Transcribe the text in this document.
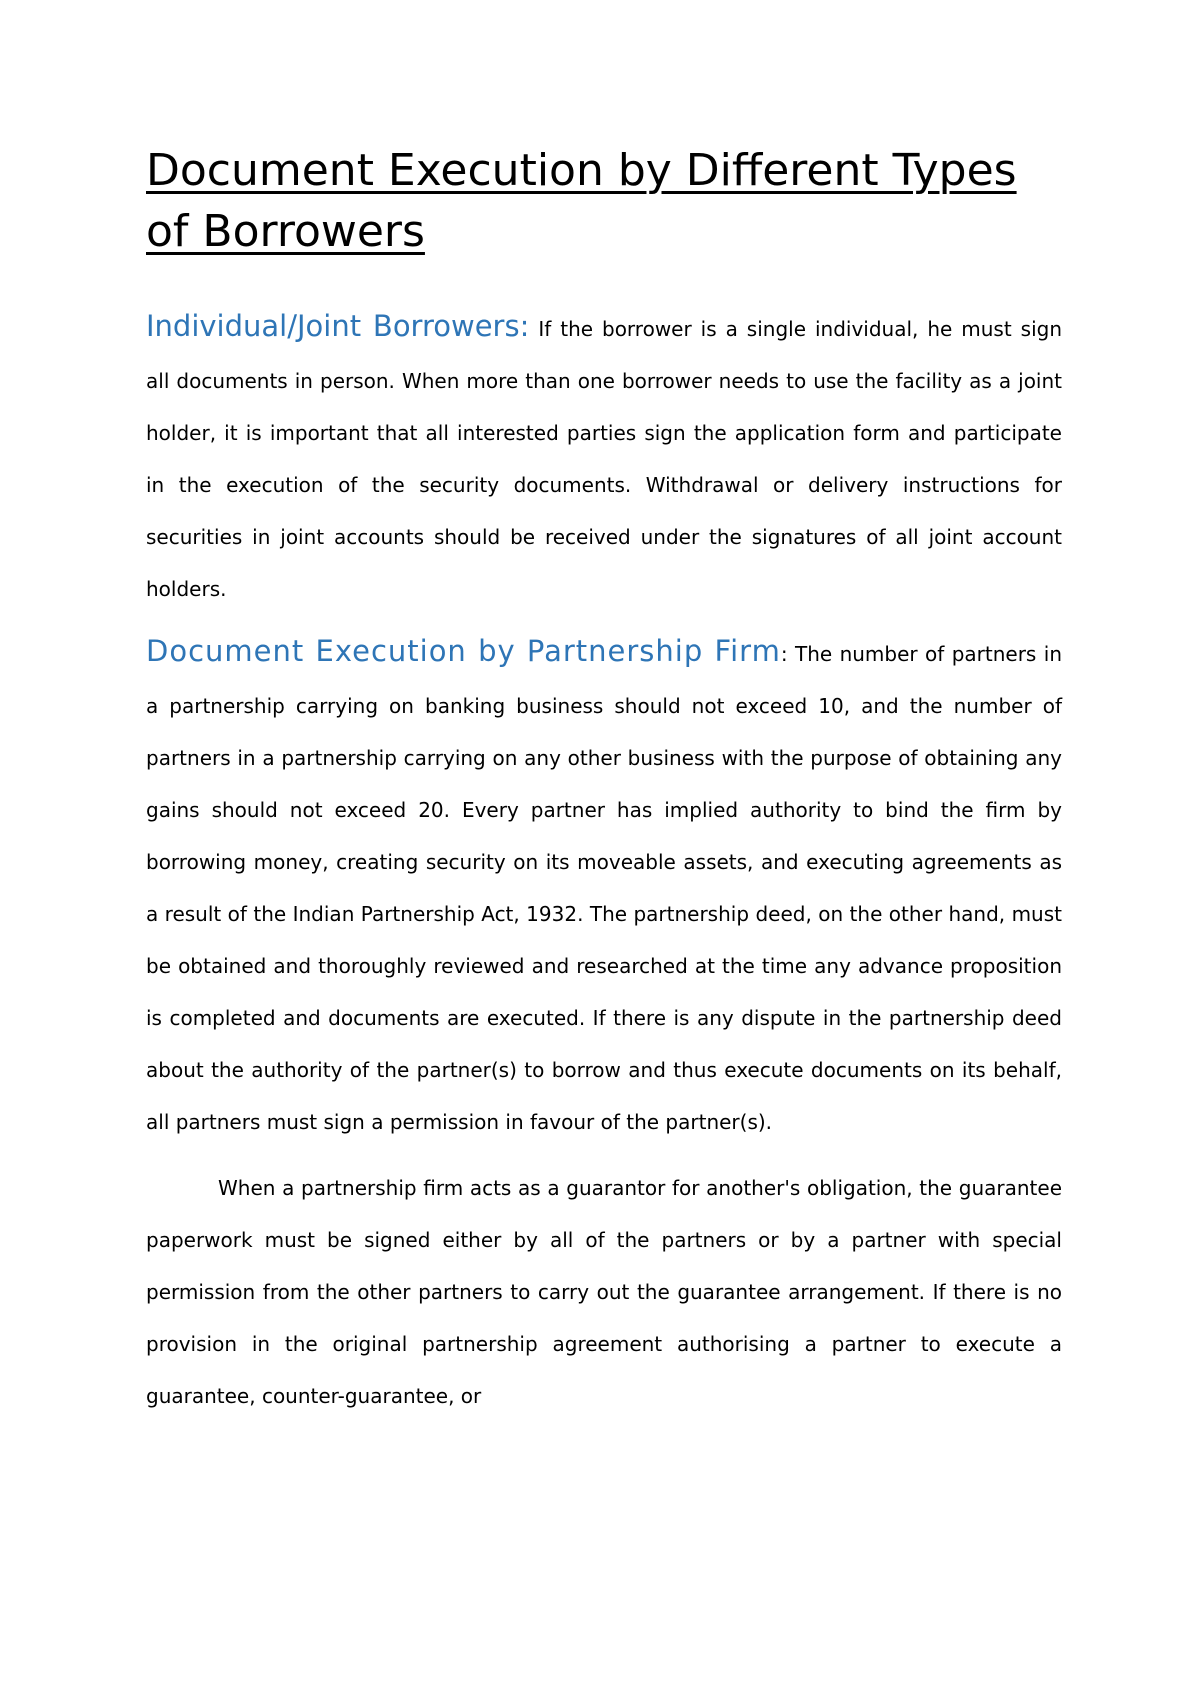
Document Execution by Different Types of Borrowers

Individual/Joint Borrowers: If the borrower is a single individual, he must sign all documents in person. When more than one borrower needs to use the facility as a joint holder, it is important that all interested parties sign the application form and participate in the execution of the security documents. Withdrawal or delivery instructions for securities in joint accounts should be received under the signatures of all joint account holders.

Document Execution by Partnership Firm: The number of partners in a partnership carrying on banking business should not exceed 10, and the number of partners in a partnership carrying on any other business with the purpose of obtaining any gains should not exceed 20. Every partner has implied authority to bind the firm by borrowing money, creating security on its moveable assets, and executing agreements as a result of the Indian Partnership Act, 1932. The partnership deed, on the other hand, must be obtained and thoroughly reviewed and researched at the time any advance proposition is completed and documents are executed. If there is any dispute in the partnership deed about the authority of the partner(s) to borrow and thus execute documents on its behalf, all partners must sign a permission in favour of the partner(s).

When a partnership firm acts as a guarantor for another's obligation, the guarantee paperwork must be signed either by all of the partners or by a partner with special permission from the other partners to carry out the guarantee arrangement. If there is no provision in the original partnership agreement authorising a partner to execute a guarantee, counter-guarantee, or
